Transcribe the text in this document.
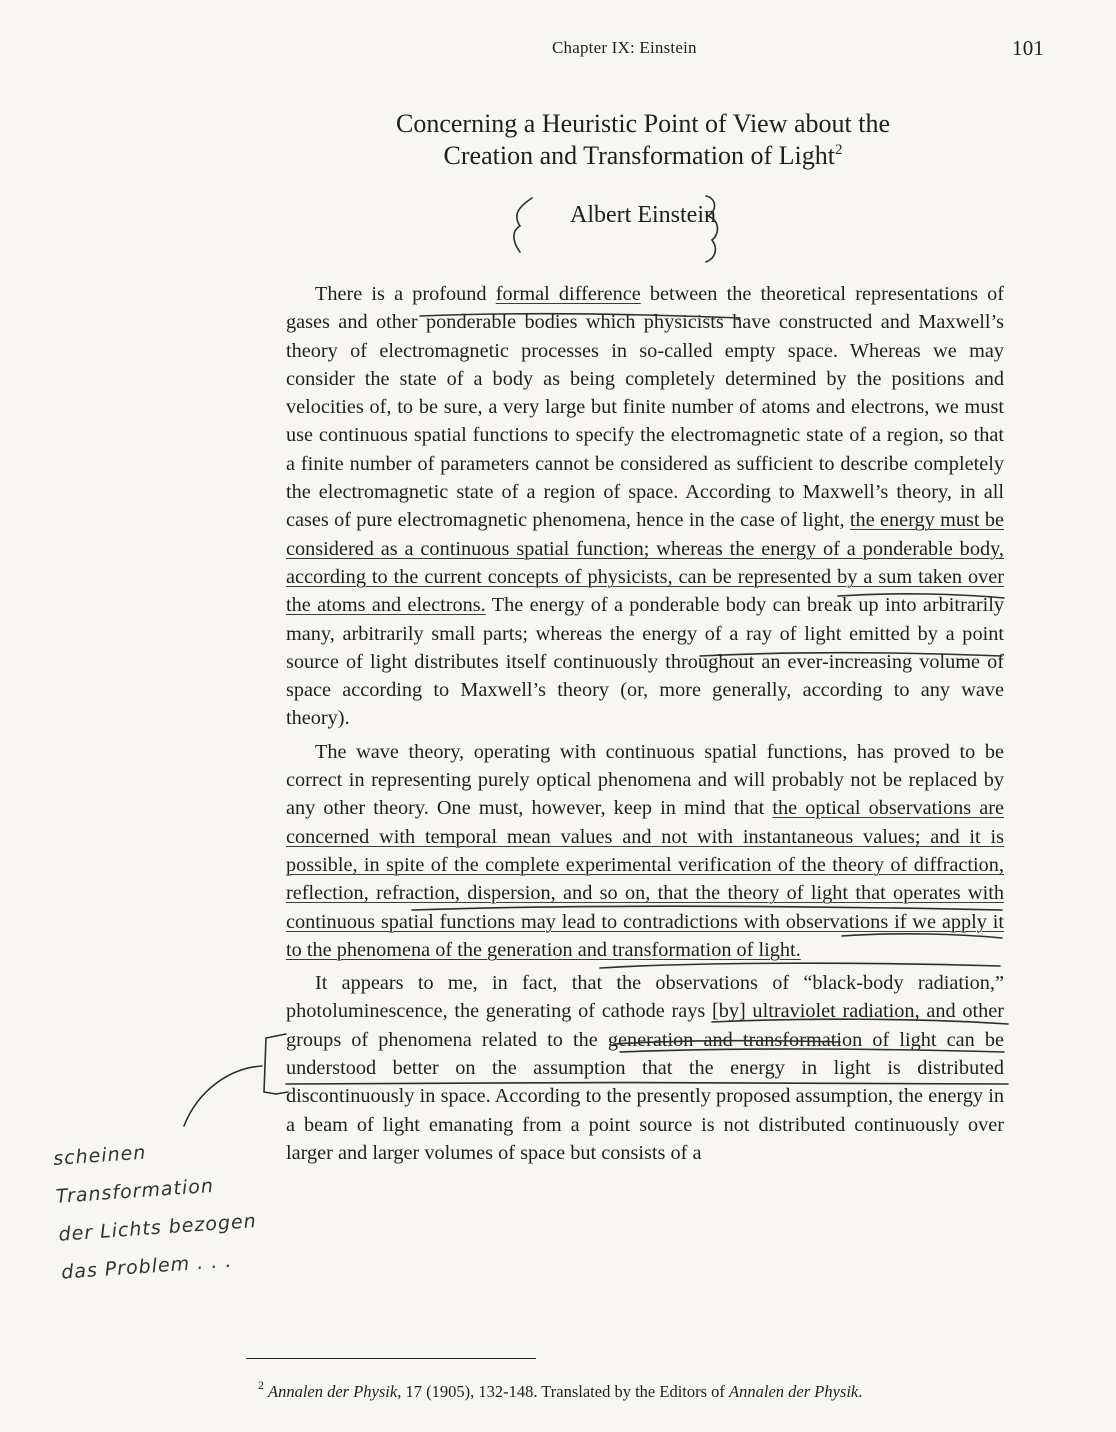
Chapter IX: Einstein	101
Concerning a Heuristic Point of View about the
Creation and Transformation of Light$^2$
Albert Einstein

There is a profound formal difference between the theoretical representations of gases and other ponderable bodies which physicists have constructed and Maxwell’s theory of electromagnetic processes in so-called empty space. Whereas we may consider the state of a body as being completely determined by the positions and velocities of, to be sure, a very large but finite number of atoms and electrons, we must use continuous spatial functions to specify the electromagnetic state of a region, so that a finite number of parameters cannot be considered as sufficient to describe completely the electromagnetic state of a region of space. According to Maxwell’s theory, in all cases of pure electromagnetic phenomena, hence in the case of light, the energy must be considered as a continuous spatial function; whereas the energy of a ponderable body, according to the current concepts of physicists, can be represented by a sum taken over the atoms and electrons. The energy of a ponderable body can break up into arbitrarily many, arbitrarily small parts; whereas the energy of a ray of light emitted by a point source of light distributes itself continuously throughout an ever-increasing volume of space according to Maxwell’s theory (or, more generally, according to any wave theory).

The wave theory, operating with continuous spatial functions, has proved to be correct in representing purely optical phenomena and will probably not be replaced by any other theory. One must, however, keep in mind that the optical observations are concerned with temporal mean values and not with instantaneous values; and it is possible, in spite of the complete experimental verification of the theory of diffraction, reflection, refraction, dispersion, and so on, that the theory of light that operates with continuous spatial functions may lead to contradictions with observations if we apply it to the phenomena of the generation and transformation of light.

It appears to me, in fact, that the observations of “black-body radiation,” photoluminescence, the generating of cathode rays [by] ultraviolet radiation, and other groups of phenomena related to the generation and transformation of light can be understood better on the assumption that the energy in light is distributed discontinuously in space. According to the presently proposed assumption, the energy in a beam of light emanating from a point source is not distributed continuously over larger and larger volumes of space but consists of a

$^2$ Annalen der Physik, 17 (1905), 132-148. Translated by the Editors of Annalen der Physik.
scheinen Transformation
der Lichts bezogen
das Problem . . .
